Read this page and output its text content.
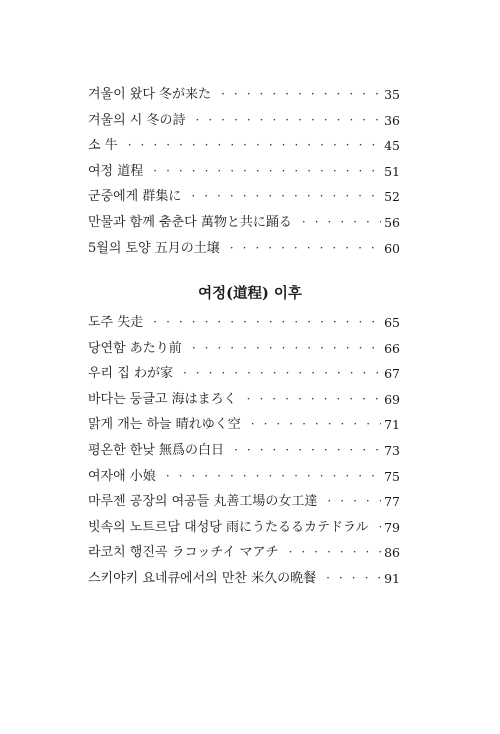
겨울이 왔다 冬が来た · · ·	35
겨울의 시 冬の詩 · · ·	36
소 牛 · · ·	45
여정 道程 · · ·	51
군중에게 群集に · · ·	52
만물과 함께 춤춘다 萬物と共に踊る · · ·	56
5월의 토양 五月の土壌 · · ·	60
여정(道程) 이후
도주 失走 · · ·	65
당연함 あたり前 · · ·	66
우리 집 わが家 · · ·	67
바다는 둥글고 海はまろく · · ·	69
맑게 개는 하늘 晴れゆく空 · · ·	71
평온한 한낮 無爲の白日 · · ·	73
여자애 小娘 · · ·	75
마루젠 공장의 여공들 丸善工場の女工達 · · ·	77
빗속의 노트르담 대성당 雨にうたるるカテドラル · · · 79
라코치 행진곡 ラコッチイ マアチ · · ·	86
스키야키 요네큐에서의 만찬 米久の晩餐 · · ·	91
